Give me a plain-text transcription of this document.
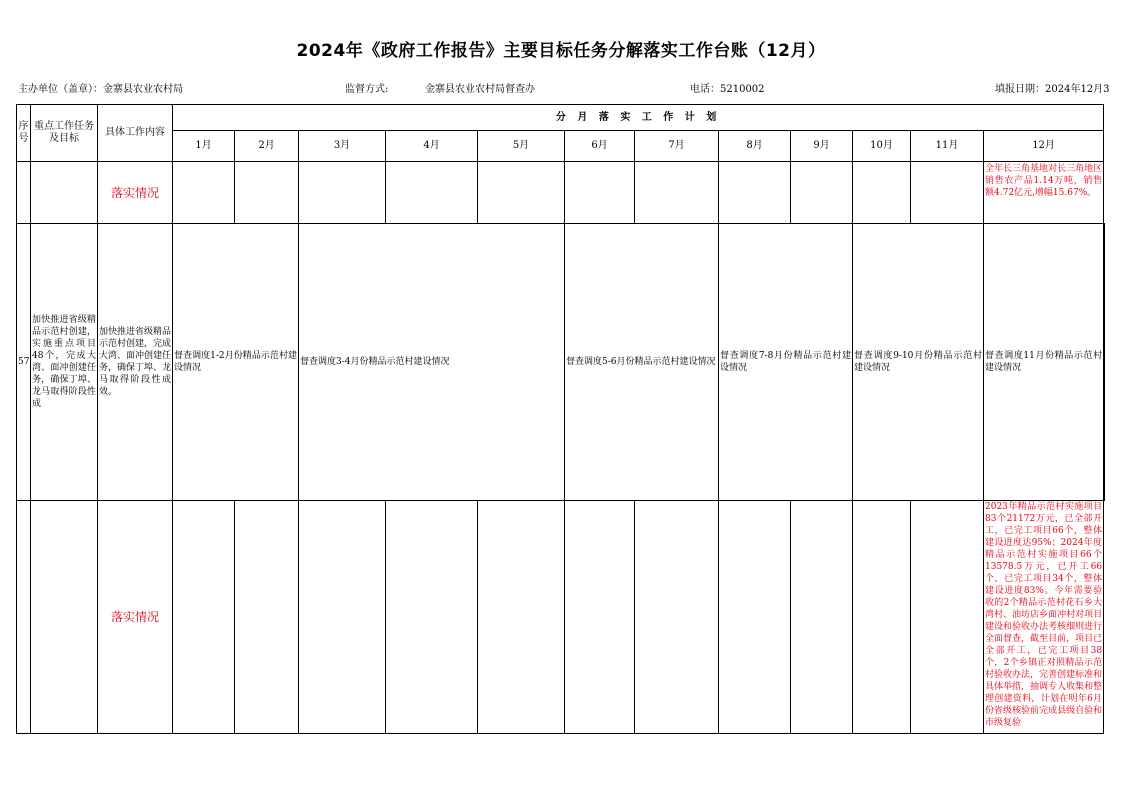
2024年《政府工作报告》主要目标任务分解落实工作台账（12月）
主办单位（盖章）：金寨县农业农村局	监督方式:	金寨县农业农村局督查办	电话：5210002	填报日期：2024年12月3
序号	重点工作任务及目标	具体工作内容	分 月 落 实 工 作 计 划												
			1月	2月	3月	4月	5月	6月	7月	8月	9月	10月	11月	12月	
		落实情况												全年长三角基地对长三角地区销售农产品1.14万吨，销售额4.72亿元,增幅15.67%。	

57	加快推进省级精品示范村创建，实施重点项目48个，完成大湾、面冲创建任务，确保丁埠、龙马取得阶段性成	加快推进省级精品示范村创建，完成大湾、面冲创建任务，确保丁埠、龙马取得阶段性成效。	督查调度1-2月份精品示范村建设情况		督查调度3-4月份精品示范村建设情况			督查调度5-6月份精品示范村建设情况		督查调度7-8月份精品示范村建设情况		督查调度9-10月份精品示范村建设情况		督查调度11月份精品示范村建设情况	
		落实情况												2023年精品示范村实施项目83个21172万元，已全部开工，已完工项目66个，整体建设进度达95%；2024年度精品示范村实施项目66个13578.5万元，已开工66个，已完工项目34个，整体建设进度83%。今年需要验收的2个精品示范村花石乡大湾村、油坊店乡面冲村对项目建设和验收办法考核细则进行全面督查，截至目前，项目已全部开工，已完工项目38个，2个乡镇正对照精品示范村验收办法，完善创建标准和具体举措，抽调专人收集和整理创建资料，计划在明年6月份省级核验前完成县级自验和市级复验	
